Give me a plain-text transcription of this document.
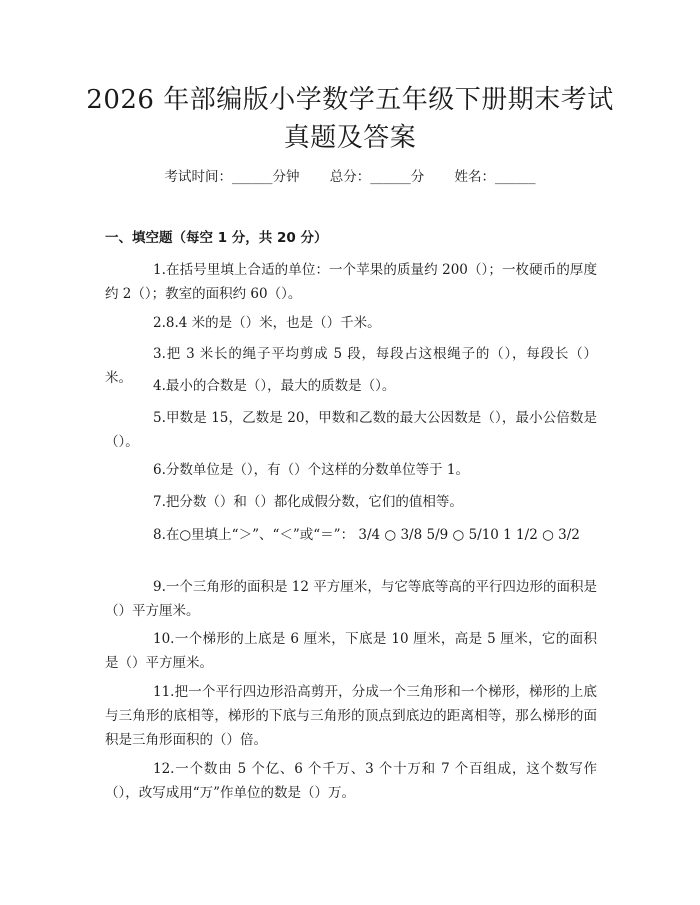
2026 年部编版小学数学五年级下册期末考试
真题及答案
考试时间：______分钟 总分：______分 姓名：______
一、填空题（每空 1 分，共 20 分）
1.在括号里填上合适的单位：一个苹果的质量约 200（）；一枚硬币的厚度约 2（）；教室的面积约 60（）。
2.8.4 米的是（）米，也是（）千米。
3.把 3 米长的绳子平均剪成 5 段，每段占这根绳子的（），每段长（）米。	4.最小的合数是（），最大的质数是（）。
5.甲数是 15，乙数是 20，甲数和乙数的最大公因数是（），最小公倍数是（）。
6.分数单位是（），有（）个这样的分数单位等于 1。
7.把分数（）和（）都化成假分数，它们的值相等。
8.在○里填上“＞”、“＜”或“＝”： 3/4 ○ 3/8 5/9 ○ 5/10 1 1/2 ○ 3/2
9.一个三角形的面积是 12 平方厘米，与它等底等高的平行四边形的面积是（）平方厘米。
10.一个梯形的上底是 6 厘米，下底是 10 厘米，高是 5 厘米，它的面积是（）平方厘米。
11.把一个平行四边形沿高剪开，分成一个三角形和一个梯形，梯形的上底与三角形的底相等，梯形的下底与三角形的顶点到底边的距离相等，那么梯形的面积是三角形面积的（）倍。
12.一个数由 5 个亿、6 个千万、3 个十万和 7 个百组成，这个数写作（），改写成用“万”作单位的数是（）万。
